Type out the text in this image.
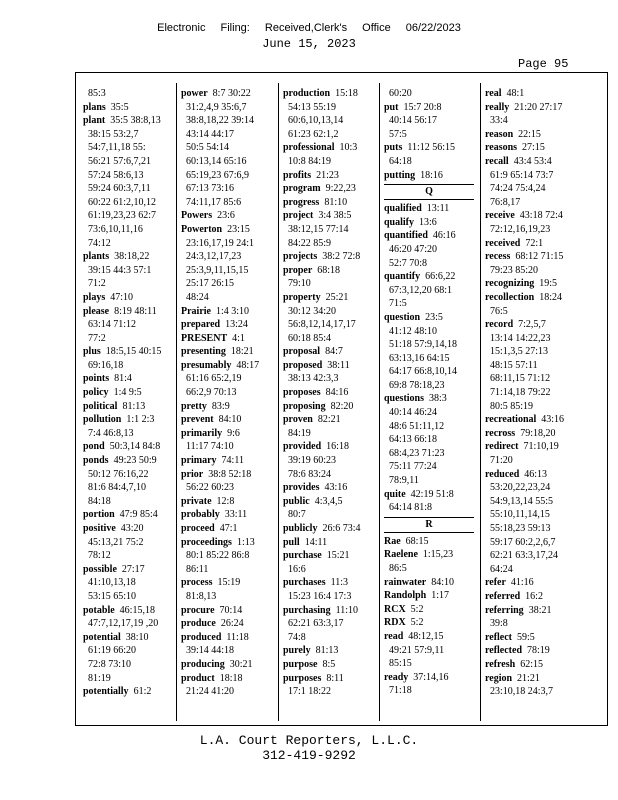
Electronic Filing: Received,Clerk's Office 06/22/2023
June 15, 2023
Page 95
85:3
plans 35:5
plant 35:5 38:8,13
38:15 53:2,7
54:7,11,18 55:
56:21 57:6,7,21
57:24 58:6,13
59:24 60:3,7,11
60:22 61:2,10,12
61:19,23,23 62:7
73:6,10,11,16
74:12
plants 38:18,22
39:15 44:3 57:1
71:2
plays 47:10
please 8:19 48:11
63:14 71:12
77:2
plus 18:5,15 40:15
69:16,18
points 81:4
policy 1:4 9:5
political 81:13
pollution 1:1 2:3
7:4 46:8,13
pond 50:3,14 84:8
ponds 49:23 50:9
50:12 76:16,22
81:6 84:4,7,10
84:18
portion 47:9 85:4
positive 43:20
45:13,21 75:2
78:12
possible 27:17
41:10,13,18
53:15 65:10
potable 46:15,18
47:7,12,17,19 ,20
potential 38:10
61:19 66:20
72:8 73:10
81:19
potentially 61:2
power 8:7 30:22
31:2,4,9 35:6,7
38:8,18,22 39:14
43:14 44:17
50:5 54:14
60:13,14 65:16
65:19,23 67:6,9
67:13 73:16
74:11,17 85:6
Powers 23:6
Powerton 23:15
23:16,17,19 24:1
24:3,12,17,23
25:3,9,11,15,15
25:17 26:15
48:24
Prairie 1:4 3:10
prepared 13:24
PRESENT 4:1
presenting 18:21
presumably 48:17
61:16 65:2,19
66:2,9 70:13
pretty 83:9
prevent 84:10
primarily 9:6
11:17 74:10
primary 74:11
prior 38:8 52:18
56:22 60:23
private 12:8
probably 33:11
proceed 47:1
proceedings 1:13
80:1 85:22 86:8
86:11
process 15:19
81:8,13
procure 70:14
produce 26:24
produced 11:18
39:14 44:18
producing 30:21
product 18:18
21:24 41:20
production 15:18
54:13 55:19
60:6,10,13,14
61:23 62:1,2
professional 10:3
10:8 84:19
profits 21:23
program 9:22,23
progress 81:10
project 3:4 38:5
38:12,15 77:14
84:22 85:9
projects 38:2 72:8
proper 68:18
79:10
property 25:21
30:12 34:20
56:8,12,14,17,17
60:18 85:4
proposal 84:7
proposed 38:11
38:13 42:3,3
proposes 84:16
proposing 82:20
proven 82:21
84:19
provided 16:18
39:19 60:23
78:6 83:24
provides 43:16
public 4:3,4,5
80:7
publicly 26:6 73:4
pull 14:11
purchase 15:21
16:6
purchases 11:3
15:23 16:4 17:3
purchasing 11:10
62:21 63:3,17
74:8
purely 81:13
purpose 8:5
purposes 8:11
17:1 18:22
60:20
put 15:7 20:8
40:14 56:17
57:5
puts 11:12 56:15
64:18
putting 18:16
Q
qualified 13:11
qualify 13:6
quantified 46:16
46:20 47:20
52:7 70:8
quantify 66:6,22
67:3,12,20 68:1
71:5
question 23:5
41:12 48:10
51:18 57:9,14,18
63:13,16 64:15
64:17 66:8,10,14
69:8 78:18,23
questions 38:3
40:14 46:24
48:6 51:11,12
64:13 66:18
68:4,23 71:23
75:11 77:24
78:9,11
quite 42:19 51:8
64:14 81:8
R
Rae 68:15
Raelene 1:15,23
86:5
rainwater 84:10
Randolph 1:17
RCX 5:2
RDX 5:2
read 48:12,15
49:21 57:9,11
85:15
ready 37:14,16
71:18
real 48:1
really 21:20 27:17
33:4
reason 22:15
reasons 27:15
recall 43:4 53:4
61:9 65:14 73:7
74:24 75:4,24
76:8,17
receive 43:18 72:4
72:12,16,19,23
received 72:1
recess 68:12 71:15
79:23 85:20
recognizing 19:5
recollection 18:24
76:5
record 7:2,5,7
13:14 14:22,23
15:1,3,5 27:13
48:15 57:11
68:11,15 71:12
71:14,18 79:22
80:5 85:19
recreational 43:16
recross 79:18,20
redirect 71:10,19
71:20
reduced 46:13
53:20,22,23,24
54:9,13,14 55:5
55:10,11,14,15
55:18,23 59:13
59:17 60:2,2,6,7
62:21 63:3,17,24
64:24
refer 41:16
referred 16:2
referring 38:21
39:8
reflect 59:5
reflected 78:19
refresh 62:15
region 21:21
23:10,18 24:3,7
L.A. Court Reporters, L.L.C.
312-419-9292
